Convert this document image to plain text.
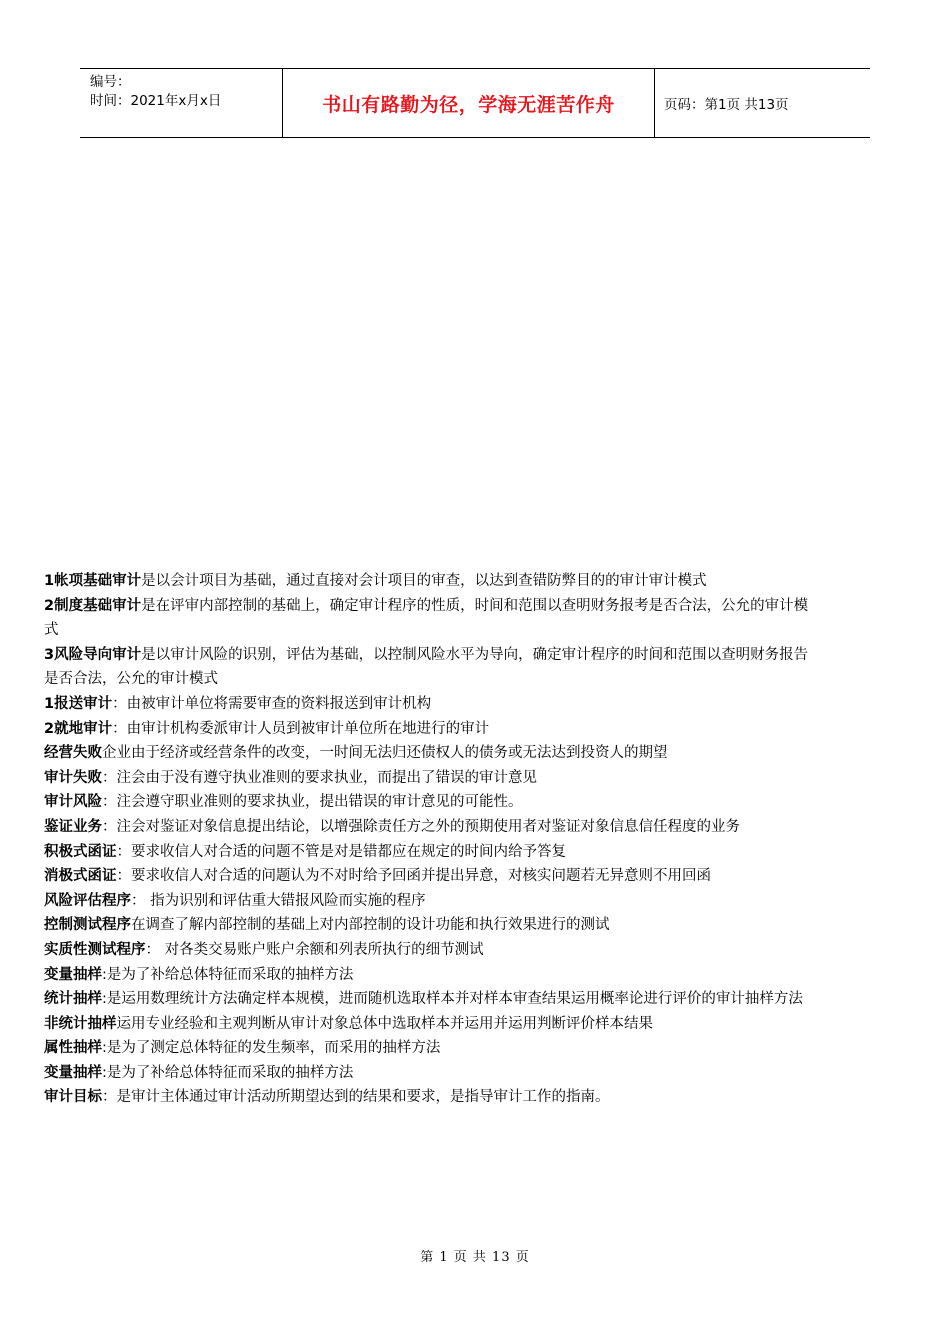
编号：
时间：2021年x月x日	书山有路勤为径，学海无涯苦作舟	页码：第1页 共13页

1帐项基础审计是以会计项目为基础，通过直接对会计项目的审查，以达到查错防弊目的的审计审计模式

2制度基础审计是在评审内部控制的基础上，确定审计程序的性质，时间和范围以查明财务报考是否合法，公允的审计模式

3风险导向审计是以审计风险的识别，评估为基础，以控制风险水平为导向，确定审计程序的时间和范围以查明财务报告是否合法，公允的审计模式

1报送审计：由被审计单位将需要审查的资料报送到审计机构

2就地审计：由审计机构委派审计人员到被审计单位所在地进行的审计

经营失败企业由于经济或经营条件的改变，一时间无法归还债权人的债务或无法达到投资人的期望

审计失败：注会由于没有遵守执业准则的要求执业，而提出了错误的审计意见

审计风险：注会遵守职业准则的要求执业，提出错误的审计意见的可能性。

鉴证业务：注会对鉴证对象信息提出结论，以增强除责任方之外的预期使用者对鉴证对象信息信任程度的业务

积极式函证：要求收信人对合适的问题不管是对是错都应在规定的时间内给予答复

消极式函证：要求收信人对合适的问题认为不对时给予回函并提出异意，对核实问题若无异意则不用回函

风险评估程序： 指为识别和评估重大错报风险而实施的程序

控制测试程序在调查了解内部控制的基础上对内部控制的设计功能和执行效果进行的测试

实质性测试程序： 对各类交易账户账户余额和列表所执行的细节测试

变量抽样:是为了补给总体特征而采取的抽样方法

统计抽样:是运用数理统计方法确定样本规模，进而随机选取样本并对样本审查结果运用概率论进行评价的审计抽样方法

非统计抽样运用专业经验和主观判断从审计对象总体中选取样本并运用并运用判断评价样本结果

属性抽样:是为了测定总体特征的发生频率，而采用的抽样方法

变量抽样:是为了补给总体特征而采取的抽样方法

审计目标：是审计主体通过审计活动所期望达到的结果和要求，是指导审计工作的指南。

第 1 页 共 13 页
